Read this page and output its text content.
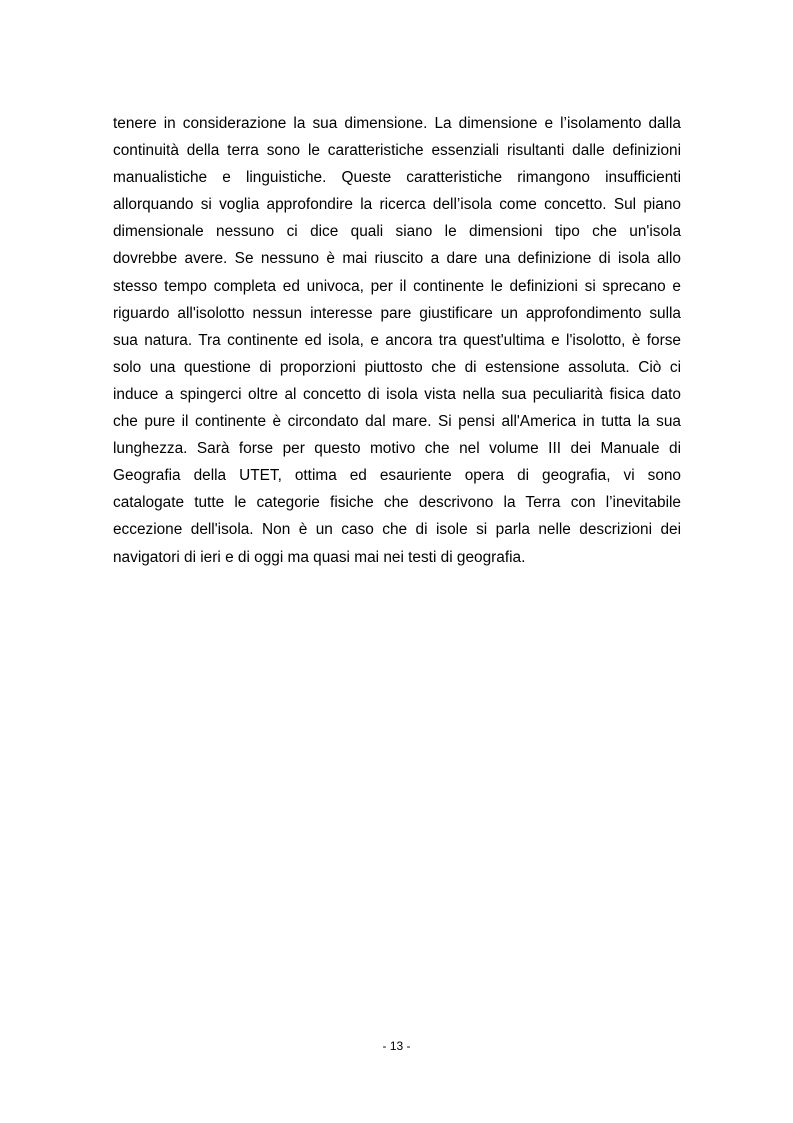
tenere in considerazione la sua dimensione. La dimensione e l’isolamento dalla
continuità della terra sono le caratteristiche essenziali risultanti dalle definizioni
manualistiche e linguistiche. Queste caratteristiche rimangono insufficienti
allorquando si voglia approfondire la ricerca dell’isola come concetto. Sul piano
dimensionale nessuno ci dice quali siano le dimensioni tipo che un'isola
dovrebbe avere. Se nessuno è mai riuscito a dare una definizione di isola allo
stesso tempo completa ed univoca, per il continente le definizioni si sprecano e
riguardo all'isolotto nessun interesse pare giustificare un approfondimento sulla
sua natura. Tra continente ed isola, e ancora tra quest'ultima e l'isolotto, è forse
solo una questione di proporzioni piuttosto che di estensione assoluta. Ciò ci
induce a spingerci oltre al concetto di isola vista nella sua peculiarità fisica dato
che pure il continente è circondato dal mare. Si pensi all'America in tutta la sua
lunghezza. Sarà forse per questo motivo che nel volume III dei Manuale di
Geografia della UTET, ottima ed esauriente opera di geografia, vi sono
catalogate tutte le categorie fisiche che descrivono la Terra con l’inevitabile
eccezione dell'isola. Non è un caso che di isole si parla nelle descrizioni dei
navigatori di ieri e di oggi ma quasi mai nei testi di geografia.
- 13 -
